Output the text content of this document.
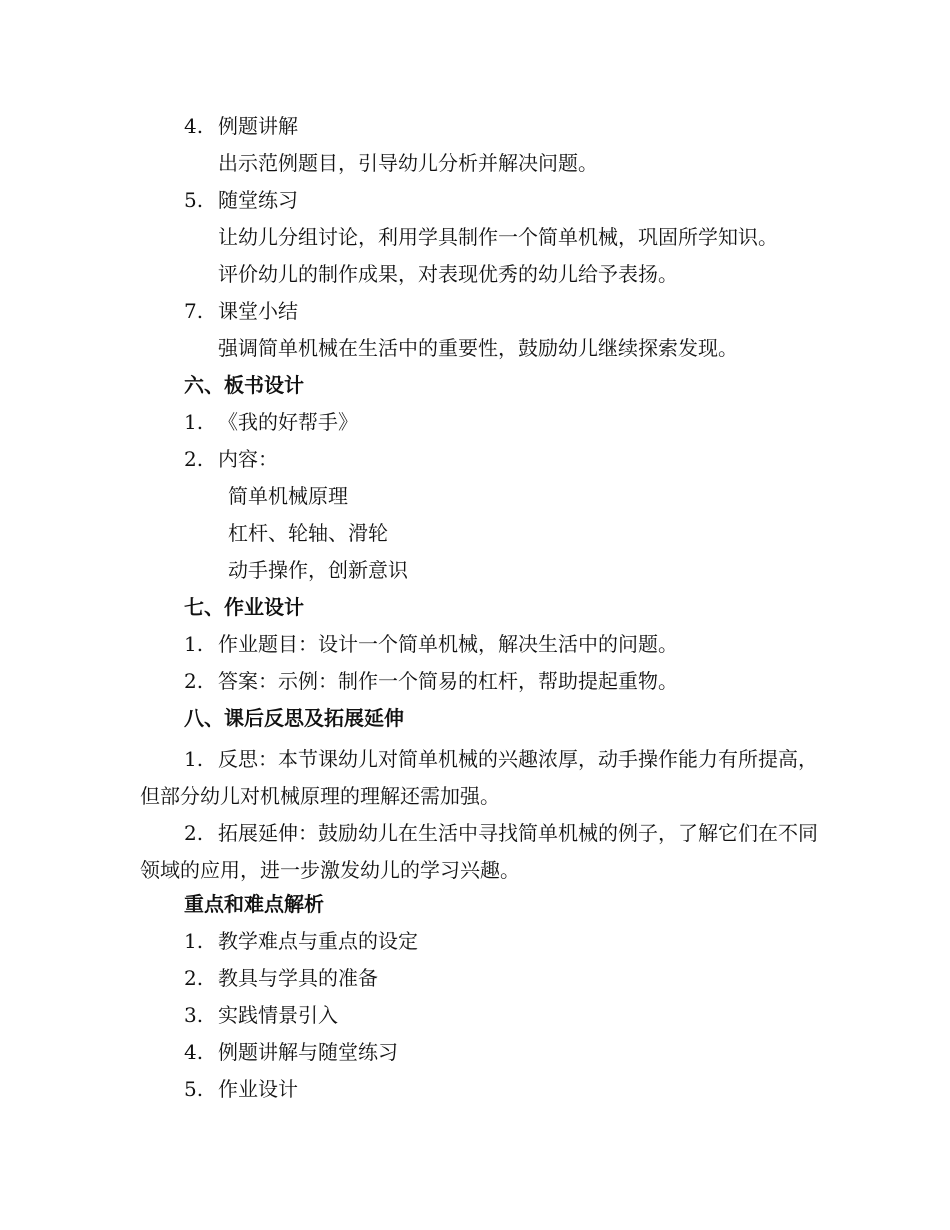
4. 例题讲解
出示范例题目，引导幼儿分析并解决问题。
5. 随堂练习
让幼儿分组讨论，利用学具制作一个简单机械，巩固所学知识。
评价幼儿的制作成果，对表现优秀的幼儿给予表扬。
7. 课堂小结
强调简单机械在生活中的重要性，鼓励幼儿继续探索发现。
六、板书设计
1. 《我的好帮手》
2. 内容：
简单机械原理
杠杆、轮轴、滑轮
动手操作，创新意识
七、作业设计
1. 作业题目：设计一个简单机械，解决生活中的问题。
2. 答案：示例：制作一个简易的杠杆，帮助提起重物。
八、课后反思及拓展延伸
1. 反思：本节课幼儿对简单机械的兴趣浓厚，动手操作能力有所提高，但部分幼儿对机械原理的理解还需加强。
2. 拓展延伸：鼓励幼儿在生活中寻找简单机械的例子，了解它们在不同领域的应用，进一步激发幼儿的学习兴趣。
重点和难点解析
1. 教学难点与重点的设定
2. 教具与学具的准备
3. 实践情景引入
4. 例题讲解与随堂练习
5. 作业设计
